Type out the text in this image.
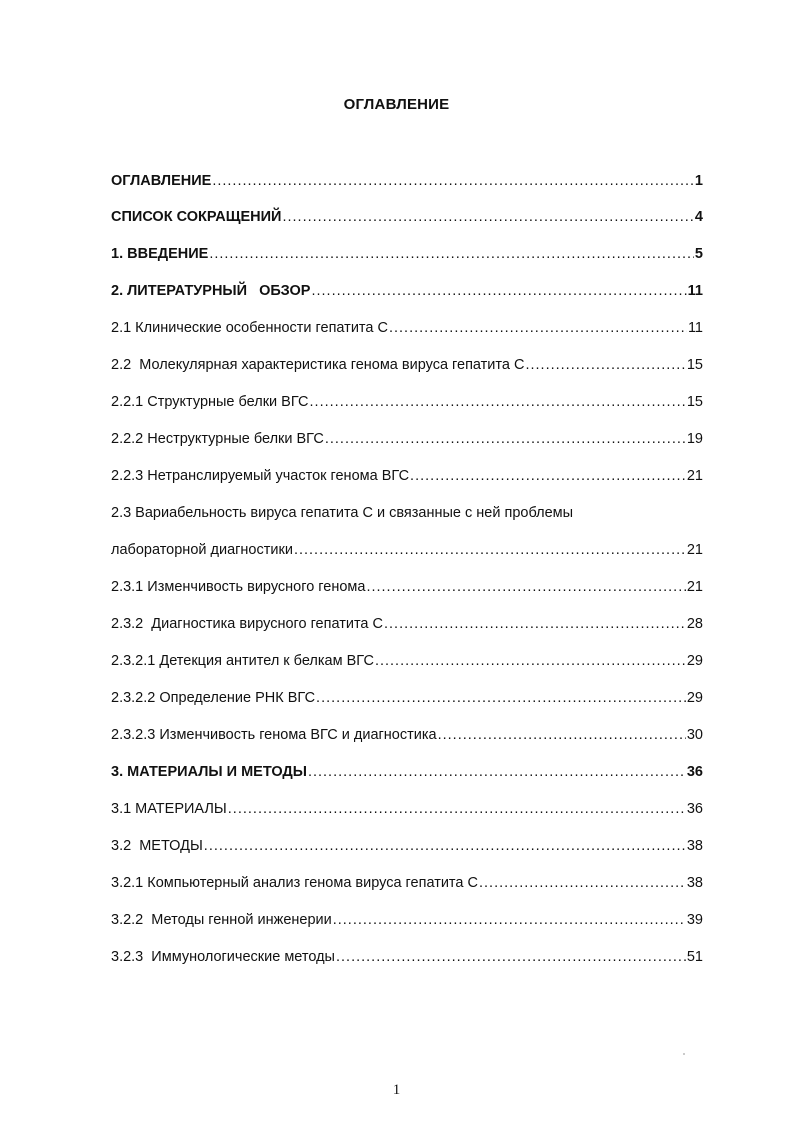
ОГЛАВЛЕНИЕ
ОГЛАВЛЕНИЕ .....	1
СПИСОК СОКРАЩЕНИЙ .....	4
1. ВВЕДЕНИЕ .....	5
2. ЛИТЕРАТУРНЫЙ   ОБЗОР .....	11
2.1 Клинические особенности гепатита С .....	11
2.2  Молекулярная характеристика генома вируса гепатита С .....	15
2.2.1 Структурные белки ВГС .....	15
2.2.2 Неструктурные белки ВГС .....	19
2.2.3 Нетранслируемый участок генома ВГС .....	21
2.3 Вариабельность вируса гепатита С и связанные с ней проблемы
лабораторной диагностики .....	21
2.3.1 Изменчивость вирусного генома .....	21
2.3.2  Диагностика вирусного гепатита С .....	28
2.3.2.1 Детекция антител к белкам ВГС .....	29
2.3.2.2 Определение РНК ВГС .....	29
2.3.2.3 Изменчивость генома ВГС и диагностика .....	30
3. МАТЕРИАЛЫ И МЕТОДЫ .....	36
3.1 МАТЕРИАЛЫ .....	36
3.2  МЕТОДЫ .....	38
3.2.1 Компьютерный анализ генома вируса гепатита С .....	38
3.2.2  Методы генной инженерии .....	39
3.2.3  Иммунологические методы .....	51
1
